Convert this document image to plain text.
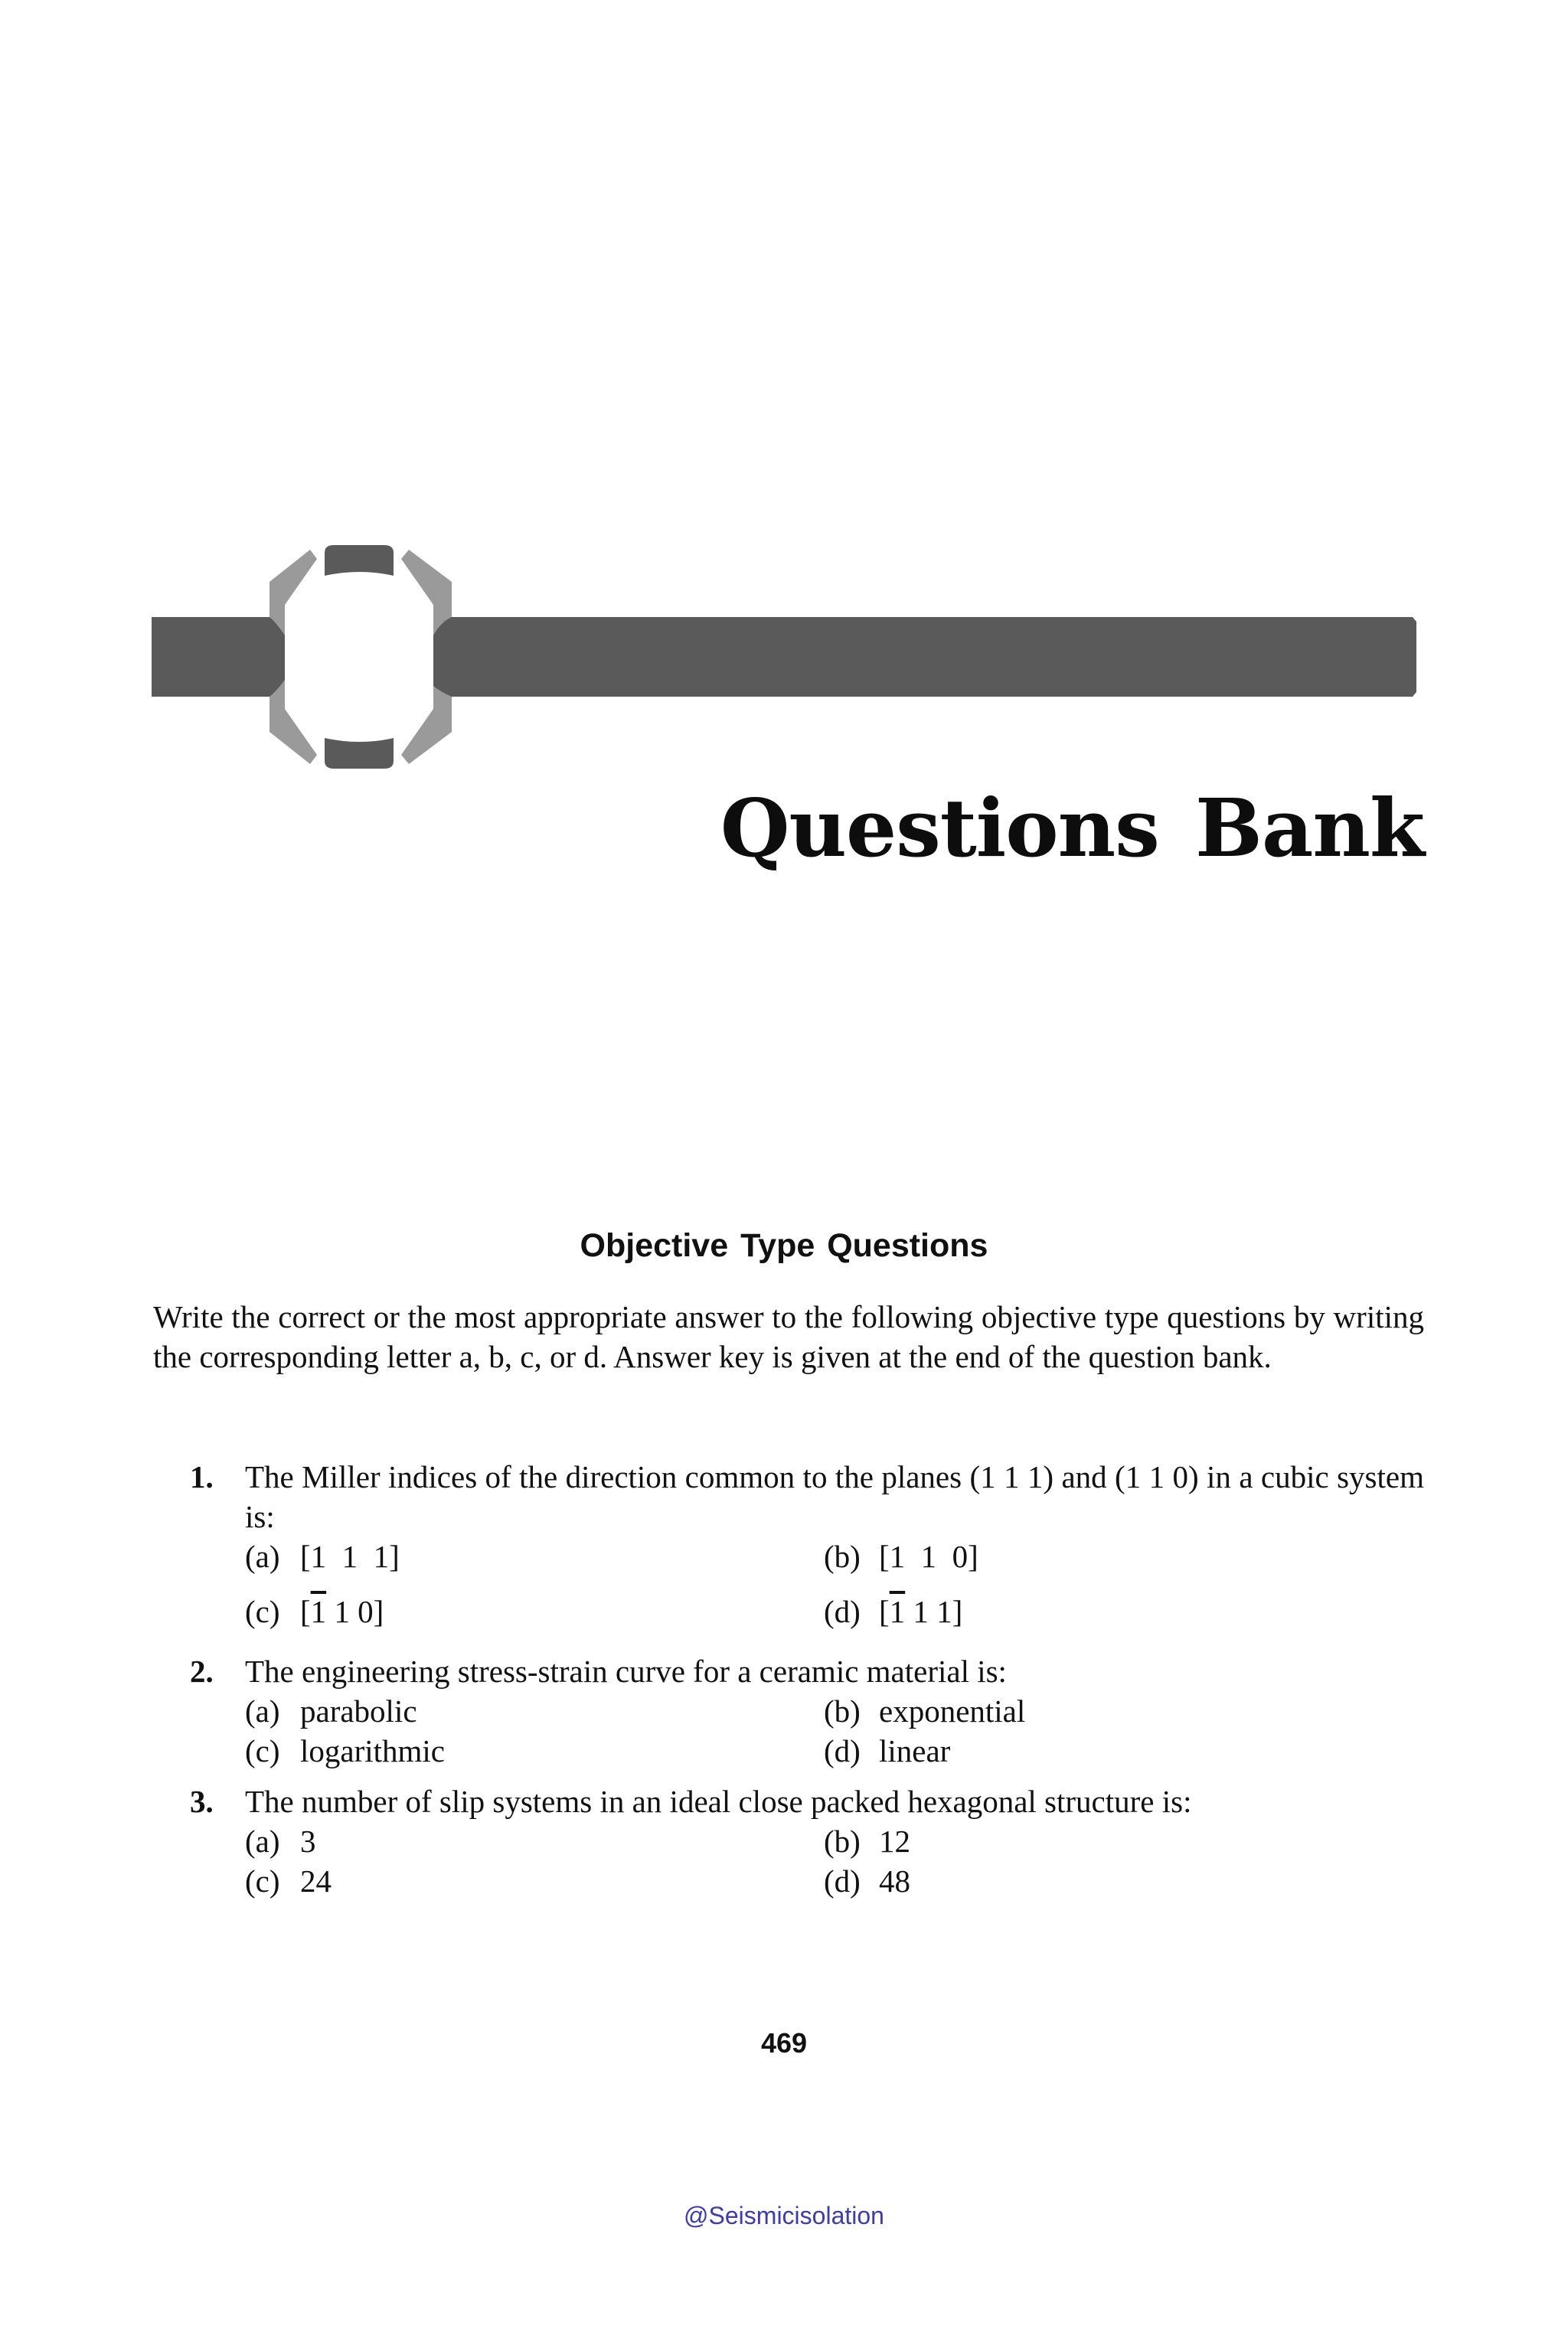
Questions Bank
Objective Type Questions

Write the correct or the most appropriate answer to the following objective type questions by writing the corresponding letter a, b, c, or d. Answer key is given at the end of the question bank.

1. The Miller indices of the direction common to the planes (1 1 1) and (1 1 0) in a cubic system is:
(a) [1  1  1]	(b) [1  1  0]
(c) [1 1 0]	(d) [1 1 1]
2. The engineering stress-strain curve for a ceramic material is:
(a) parabolic	(b) exponential
(c) logarithmic	(d) linear
3. The number of slip systems in an ideal close packed hexagonal structure is:
(a) 3	(b) 12
(c) 24	(d) 48
469
@Seismicisolation
